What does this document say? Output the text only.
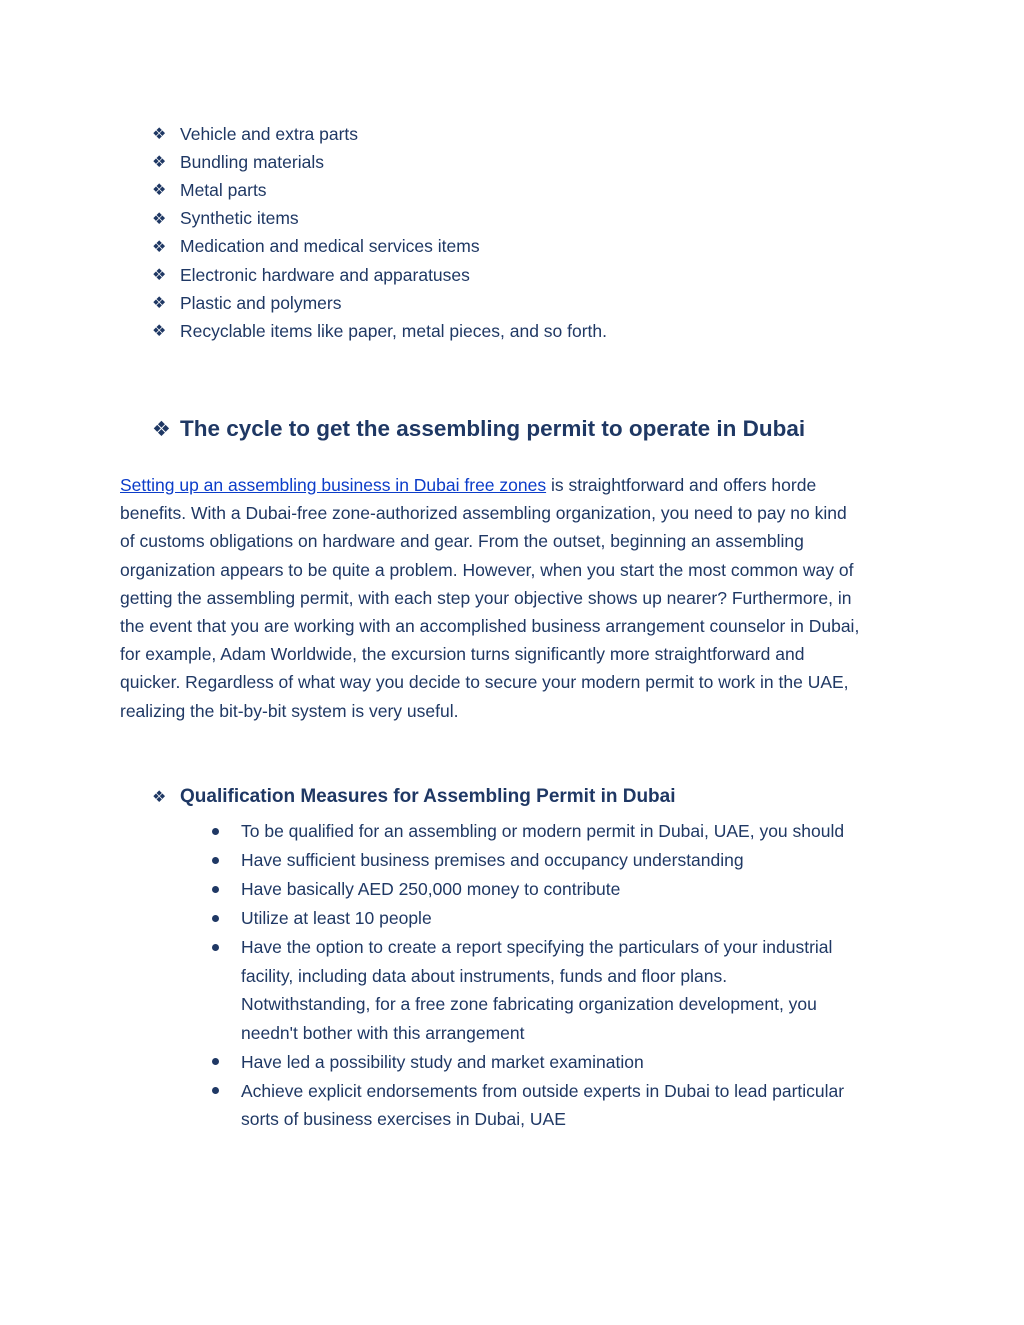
❖ Vehicle and extra parts
❖ Bundling materials
❖ Metal parts
❖ Synthetic items
❖ Medication and medical services items
❖ Electronic hardware and apparatuses
❖ Plastic and polymers
❖ Recyclable items like paper, metal pieces, and so forth.
❖ The cycle to get the assembling permit to operate in Dubai

Setting up an assembling business in Dubai free zones is straightforward and offers horde
benefits. With a Dubai-free zone-authorized assembling organization, you need to pay no kind
of customs obligations on hardware and gear. From the outset, beginning an assembling
organization appears to be quite a problem. However, when you start the most common way of
getting the assembling permit, with each step your objective shows up nearer? Furthermore, in
the event that you are working with an accomplished business arrangement counselor in Dubai,
for example, Adam Worldwide, the excursion turns significantly more straightforward and
quicker. Regardless of what way you decide to secure your modern permit to work in the UAE,
realizing the bit-by-bit system is very useful.

❖ Qualification Measures for Assembling Permit in Dubai
To be qualified for an assembling or modern permit in Dubai, UAE, you should
Have sufficient business premises and occupancy understanding
Have basically AED 250,000 money to contribute
Utilize at least 10 people
Have the option to create a report specifying the particulars of your industrial
facility, including data about instruments, funds and floor plans.
Notwithstanding, for a free zone fabricating organization development, you
needn't bother with this arrangement
Have led a possibility study and market examination
Achieve explicit endorsements from outside experts in Dubai to lead particular
sorts of business exercises in Dubai, UAE
